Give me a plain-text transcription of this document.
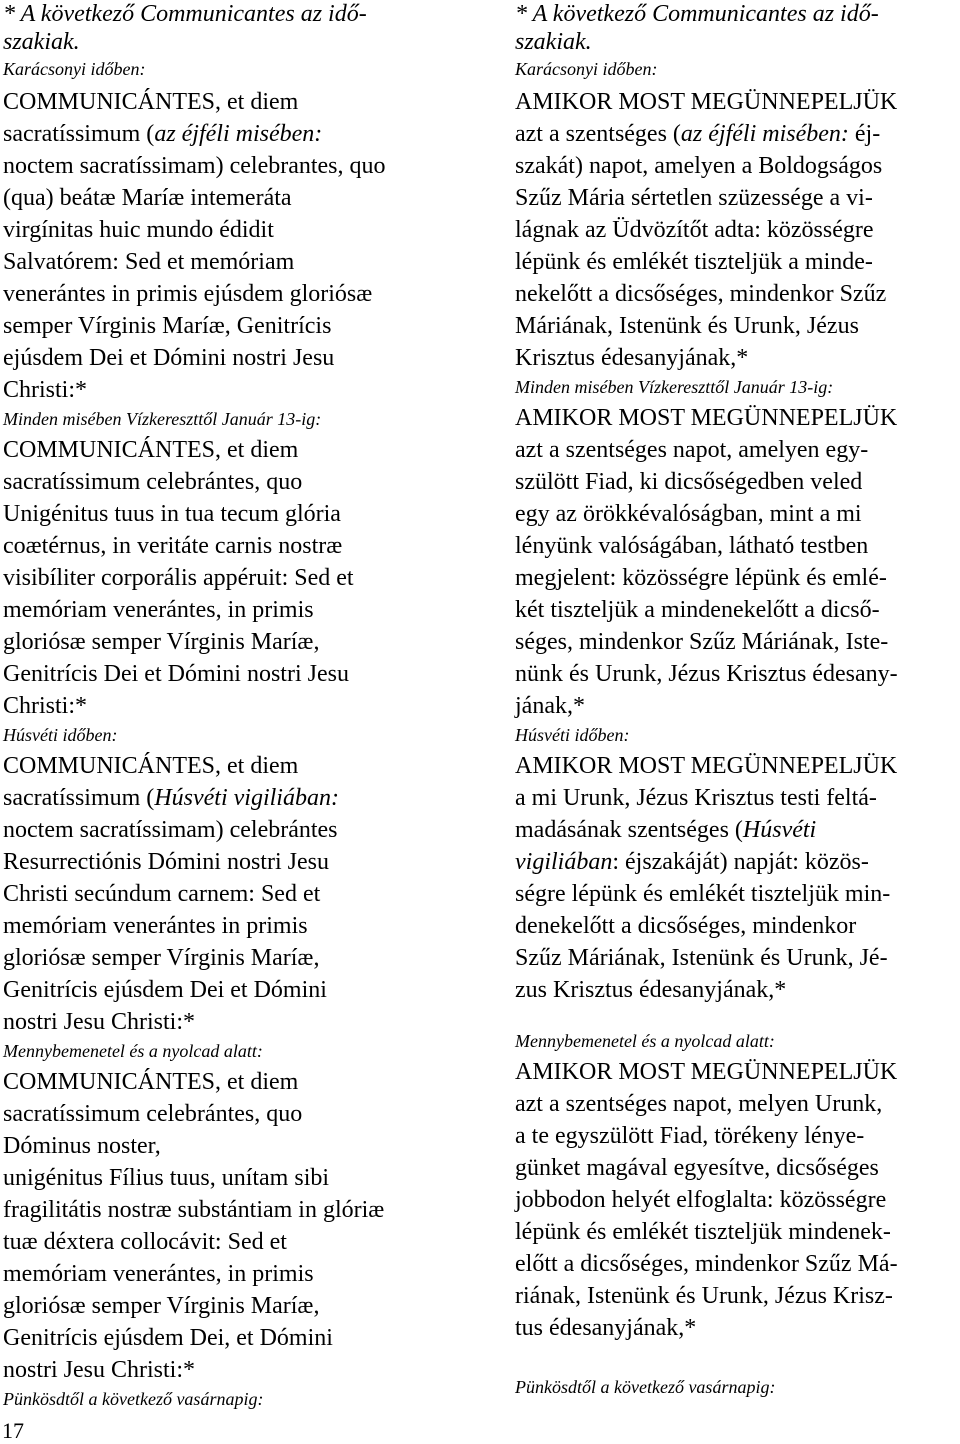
* A következő Communicantes az idő-
szakiak.
Karácsonyi időben:
COMMUNICÁNTES, et diem
sacratíssimum (az éjféli misében:
noctem sacratíssimam) celebrantes, quo
(qua) beátæ Maríæ intemeráta
virgínitas huic mundo édidit
Salvatórem: Sed et memóriam
venerántes in primis ejúsdem gloriósæ
semper Vírginis Maríæ, Genitrícis
ejúsdem Dei et Dómini nostri Jesu
Christi:*
Minden misében Vízkereszttől Január 13-ig:
COMMUNICÁNTES, et diem
sacratíssimum celebrántes, quo
Unigénitus tuus in tua tecum glória
coætérnus, in veritáte carnis nostræ
visibíliter corporális appéruit: Sed et
memóriam venerántes, in primis
gloriósæ semper Vírginis Maríæ,
Genitrícis Dei et Dómini nostri Jesu
Christi:*
Húsvéti időben:
COMMUNICÁNTES, et diem
sacratíssimum (Húsvéti vigiliában:
noctem sacratíssimam) celebrántes
Resurrectiónis Dómini nostri Jesu
Christi secúndum carnem: Sed et
memóriam venerántes in primis
gloriósæ semper Vírginis Maríæ,
Genitrícis ejúsdem Dei et Dómini
nostri Jesu Christi:*
Mennybemenetel és a nyolcad alatt:
COMMUNICÁNTES, et diem
sacratíssimum celebrántes, quo
Dóminus noster,
unigénitus Fílius tuus, unítam sibi
fragilitátis nostræ substántiam in glóriæ
tuæ déxtera collocávit: Sed et
memóriam venerántes, in primis
gloriósæ semper Vírginis Maríæ,
Genitrícis ejúsdem Dei, et Dómini
nostri Jesu Christi:*
Pünkösdtől a következő vasárnapig:
* A következő Communicantes az idő-
szakiak.
Karácsonyi időben:
AMIKOR MOST MEGÜNNEPELJÜK
azt a szentséges (az éjféli misében: éj-
szakát) napot, amelyen a Boldogságos
Szűz Mária sértetlen szüzessége a vi-
lágnak az Üdvözítőt adta: közösségre
lépünk és emlékét tiszteljük a minde-
nekelőtt a dicsőséges, mindenkor Szűz
Máriának, Istenünk és Urunk, Jézus
Krisztus édesanyjának,*
Minden misében Vízkereszttől Január 13-ig:
AMIKOR MOST MEGÜNNEPELJÜK
azt a szentséges napot, amelyen egy-
szülött Fiad, ki dicsőségedben veled
egy az örökkévalóságban, mint a mi
lényünk valóságában, látható testben
megjelent: közösségre lépünk és emlé-
két tiszteljük a mindenekelőtt a dicső-
séges, mindenkor Szűz Máriának, Iste-
nünk és Urunk, Jézus Krisztus édesany-
jának,*
Húsvéti időben:
AMIKOR MOST MEGÜNNEPELJÜK
a mi Urunk, Jézus Krisztus testi feltá-
madásának szentséges (Húsvéti
vigiliában: éjszakáját) napját: közös-
ségre lépünk és emlékét tiszteljük min-
denekelőtt a dicsőséges, mindenkor
Szűz Máriának, Istenünk és Urunk, Jé-
zus Krisztus édesanyjának,*
Mennybemenetel és a nyolcad alatt:
AMIKOR MOST MEGÜNNEPELJÜK
azt a szentséges napot, melyen Urunk,
a te egyszülött Fiad, törékeny lénye-
günket magával egyesítve, dicsőséges
jobbodon helyét elfoglalta: közösségre
lépünk és emlékét tiszteljük mindenek-
előtt a dicsőséges, mindenkor Szűz Má-
riának, Istenünk és Urunk, Jézus Krisz-
tus édesanyjának,*
Pünkösdtől a következő vasárnapig:
17
